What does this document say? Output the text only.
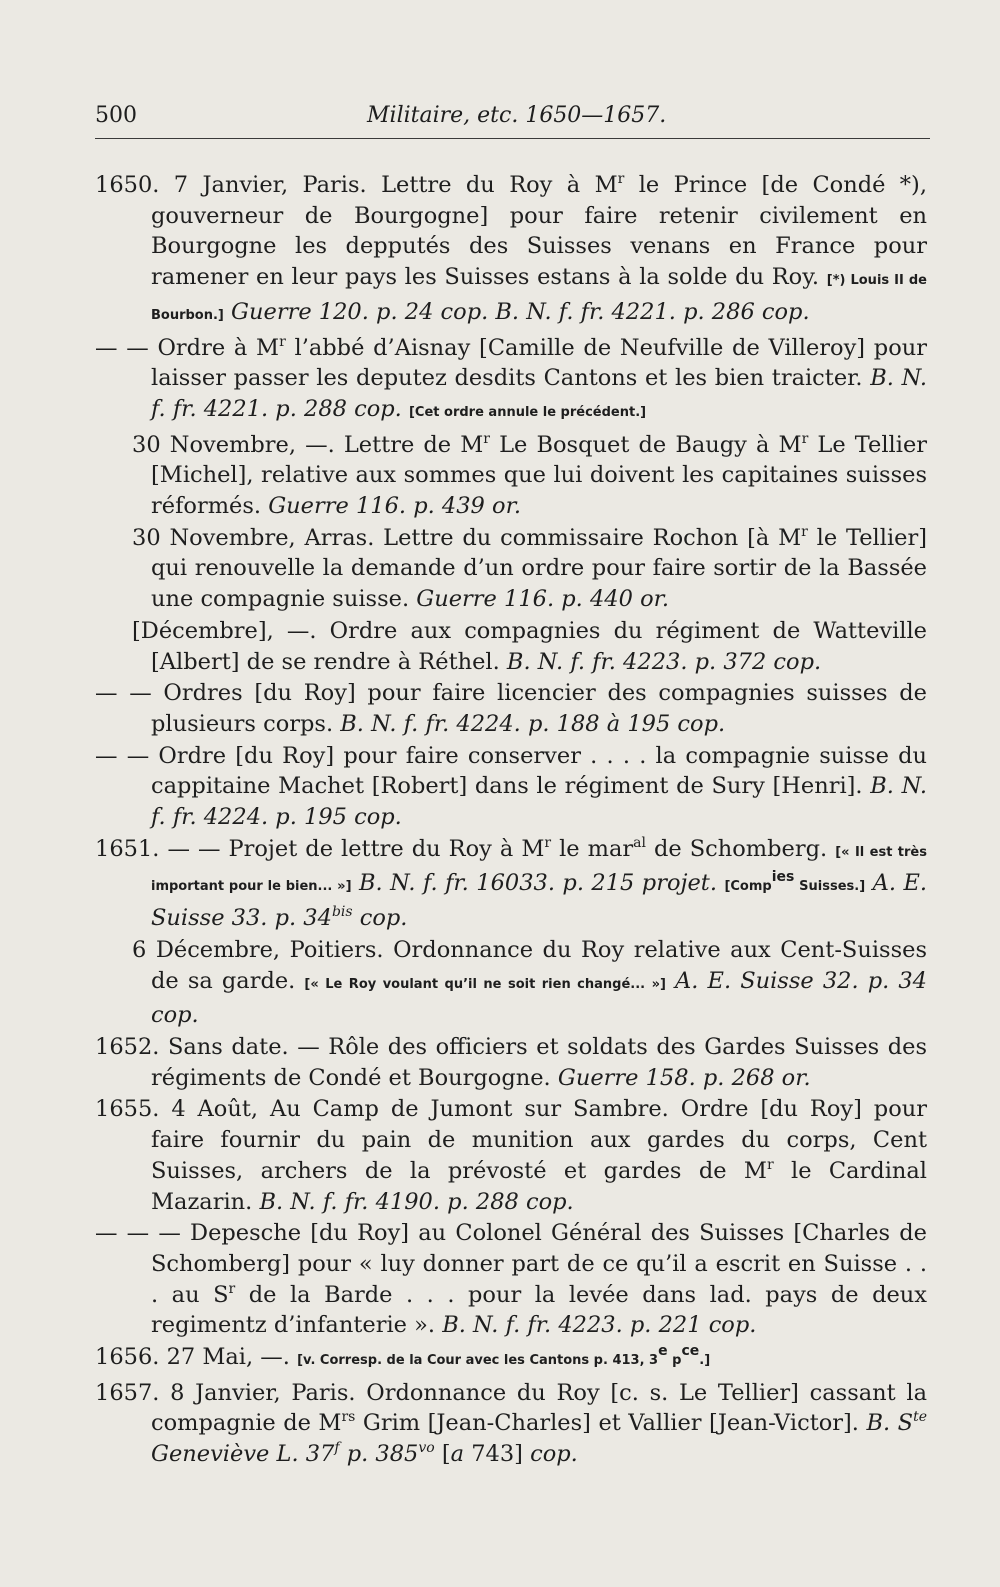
500	Militaire, etc. 1650—1657.

1650. 7 Janvier, Paris. Lettre du Roy à $M^r$ le Prince [de Condé *), gouverneur de Bourgogne] pour faire retenir civilement en Bourgogne les depputés des Suisses venans en France pour ramener en leur pays les Suisses estans à la solde du Roy. [*) Louis II de Bourbon.] Guerre 120. p. 24 cop. B. N. f. fr. 4221. p. 286 cop.

— — Ordre à $M^r$ l’abbé d’Aisnay [Camille de Neufville de Villeroy] pour laisser passer les deputez desdits Cantons et les bien traicter. B. N. f. fr. 4221. p. 288 cop. [Cet ordre annule le précédent.]

30 Novembre, —. Lettre de $M^r$ Le Bosquet de Baugy à $M^r$ Le Tellier [Michel], relative aux sommes que lui doivent les capitaines suisses réformés. Guerre 116. p. 439 or.

30 Novembre, Arras. Lettre du commissaire Rochon [à $M^r$ le Tellier] qui renouvelle la demande d’un ordre pour faire sortir de la Bassée une compagnie suisse. Guerre 116. p. 440 or.

[Décembre], —. Ordre aux compagnies du régiment de Watteville [Albert] de se rendre à Réthel. B. N. f. fr. 4223. p. 372 cop.

— — Ordres [du Roy] pour faire licencier des compagnies suisses de plusieurs corps. B. N. f. fr. 4224. p. 188 à 195 cop.

— — Ordre [du Roy] pour faire conserver . . . . la compagnie suisse du cappitaine Machet [Robert] dans le régiment de Sury [Henri]. B. N. f. fr. 4224. p. 195 cop.

1651. — — Projet de lettre du Roy à $M^r$ le mar$^{al}$ de Schomberg. [« Il est très important pour le bien... »] B. N. f. fr. 16033. p. 215 projet. [Comp$^{ies}$ Suisses.] A. E. Suisse 33. p. $34^{bis}$ cop.

6 Décembre, Poitiers. Ordonnance du Roy relative aux Cent-Suisses de sa garde. [« Le Roy voulant qu’il ne soit rien changé... »] A. E. Suisse 32. p. 34 cop.

1652. Sans date. — Rôle des officiers et soldats des Gardes Suisses des régiments de Condé et Bourgogne. Guerre 158. p. 268 or.

1655. 4 Août, Au Camp de Jumont sur Sambre. Ordre [du Roy] pour faire fournir du pain de munition aux gardes du corps, Cent Suisses, archers de la prévosté et gardes de $M^r$ le Cardinal Mazarin. B. N. f. fr. 4190. p. 288 cop.

— — — Depesche [du Roy] au Colonel Général des Suisses [Charles de Schomberg] pour « luy donner part de ce qu’il a escrit en Suisse . . . au $S^r$ de la Barde . . . pour la levée dans lad. pays de deux regimentz d’infanterie ». B. N. f. fr. 4223. p. 221 cop.

1656. 27 Mai, —. [v. Corresp. de la Cour avec les Cantons p. 413, 3e $p^{ce}$.]

1657. 8 Janvier, Paris. Ordonnance du Roy [c. s. Le Tellier] cassant la compagnie de $M^{rs}$ Grim [Jean-Charles] et Vallier [Jean-Victor]. B. $S^{te}$ Geneviève L. 37$^f$ p. $385^{vo}$ [a 743] cop.
